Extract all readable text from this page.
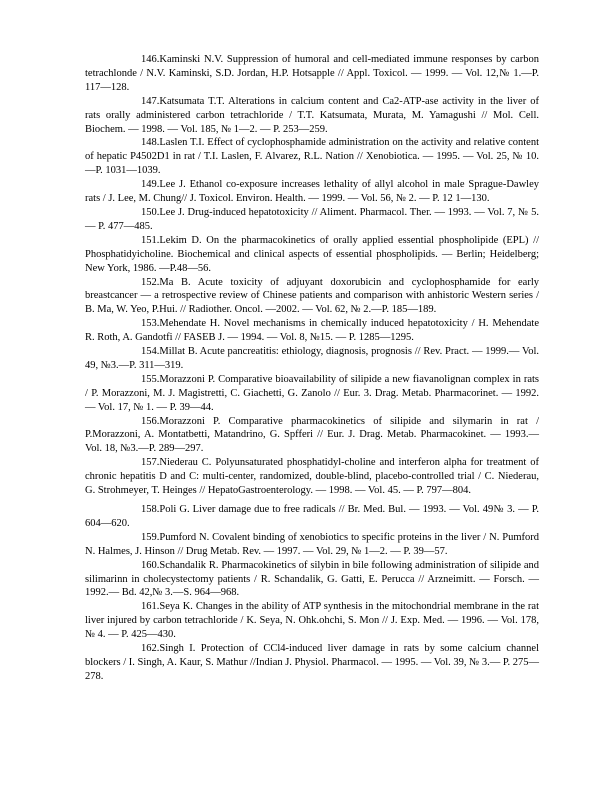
146.Kaminski N.V. Suppression of humoral and cell-mediated immune responses by carbon tetrachlonde / N.V. Kaminski, S.D. Jordan, H.P. Hotsapple // Appl. Toxicol. — 1999. — Vol. 12,№ 1.—P. 117—128.

147.Katsumata T.T. Alterations in calcium content and Ca2-ATP-ase activity in the liver of rats orally administered carbon tetrachloride / T.T. Katsumata, Murata, M. Yamagushi // Mol. Cell. Biochem. — 1998. — Vol. 185, № 1—2. — P. 253—259.

148.Laslen T.I. Effect of cyclophosphamide administration on the activity and relative content of hepatic P4502D1 in rat / T.I. Laslen, F. Alvarez, R.L. Nation // Xenobiotica. — 1995. — Vol. 25, № 10.—P. 1031—1039.

149.Lee J. Ethanol co-exposure increases lethality of allyl alcohol in male Sprague-Dawley rats / J. Lee, M. Chung// J. Toxicol. Environ. Health. — 1999. — Vol. 56, № 2. — P. 12 1—130.

150.Lee J. Drug-induced hepatotoxicity // Aliment. Pharmacol. Ther. — 1993. — Vol. 7, № 5. — P. 477—485.

151.Lekim D. On the pharmacokinetics of orally applied essential phospholipide (EPL) // Phosphatidyicholine. Biochemical and clinical aspects of essential phospholipids. — Berlin; Heidelberg; New York, 1986. —P.48—56.

152.Ma B. Acute toxicity of adjuyant doxorubicin and cyclophosphamide for early breastcancer — a retrospective review of Chinese patients and comparison with anhistoric Western series / B. Ma, W. Yeo, P.Hui. // Radiother. Oncol. —2002. — Vol. 62, № 2.—P. 185—189.

153.Mehendate H. Novel mechanisms in chemically induced hepatotoxicity / H. Mehendate R. Roth, A. Gandotfi // FASEB J. — 1994. — Vol. 8, №15. — P. 1285—1295.

154.Millat B. Acute pancreatitis: ethiology, diagnosis, prognosis // Rev. Pract. — 1999.— Vol. 49, №3.—P. 311—319.

155.Morazzoni P. Comparative bioavailability of silipide a new fiavanolignan complex in rats / P. Morazzoni, M. J. Magistretti, C. Giachetti, G. Zanolo // Eur. 3. Drag. Metab. Pharmacorinet. — 1992. — Vol. 17, № 1. — P. 39—44.

156.Morazzoni P. Comparative pharmacokinetics of silipide and silymarin in rat / P.Morazzoni, A. Montatbetti, Matandrino, G. Spfferi // Eur. J. Drag. Metab. Pharmacokinet. — 1993.— Vol. 18, №3.—P. 289—297.

157.Niederau C. Polyunsaturated phosphatidyl-choline and interferon alpha for treatment of chronic hepatitis D and C: multi-center, randomized, double-blind, placebo-controlled trial / C. Niederau, G. Strohmeyer, T. Heinges // HepatoGastroenterology. — 1998. — Vol. 45. — P. 797—804.

158.Poli G. Liver damage due to free radicals // Br. Med. Bul. — 1993. — Vol. 49№ 3. — P. 604—620.

159.Pumford N. Covalent binding of xenobiotics to specific proteins in the liver / N. Pumford N. Halmes, J. Hinson // Drug Metab. Rev. — 1997. — Vol. 29, № 1—2. — P. 39—57.

160.Schandalik R. Pharmacokinetics of silybin in bile following administration of silipide and silimarinn in cholecystectomy patients / R. Schandalik, G. Gatti, E. Perucca // Arzneimitt. — Forsch. — 1992.— Bd. 42,№ 3.—S. 964—968.

161.Seya K. Changes in the ability of ATP synthesis in the mitochondrial membrane in the rat liver injured by carbon tetrachloride / K. Seya, N. Ohk.ohchi, S. Mon // J. Exp. Med. — 1996. — Vol. 178, № 4. — P. 425—430.

162.Singh I. Protection of CCl4-induced liver damage in rats by some calcium channel blockers / I. Singh, A. Kaur, S. Mathur //Indian J. Physiol. Pharmacol. — 1995. — Vol. 39, № 3.— P. 275—278.
